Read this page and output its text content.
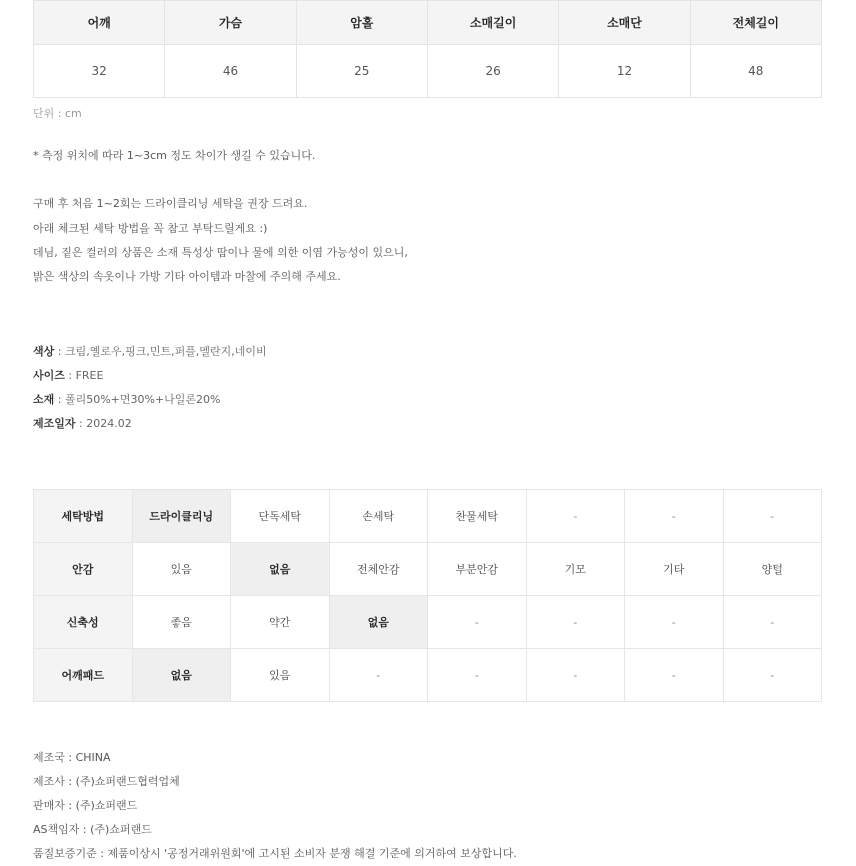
어깨	가슴	암홀	소매길이	소매단	전체길이
32	46	25	26	12	48
단위 : cm
* 측정 위치에 따라 1~3cm 정도 차이가 생길 수 있습니다.
구매 후 처음 1~2회는 드라이클리닝 세탁을 권장 드려요.
아래 체크된 세탁 방법을 꼭 참고 부탁드릴게요 :)
데님, 짙은 컬러의 상품은 소재 특성상 땀이나 물에 의한 이염 가능성이 있으니,
밝은 색상의 속옷이나 가방 기타 아이템과 마찰에 주의해 주세요.
색상 : 크림,옐로우,핑크,민트,퍼플,멜란지,네이비
사이즈 : FREE
소재 : 폴리50%+면30%+나일론20%
제조일자 : 2024.02
세탁방법	드라이클리닝	단독세탁	손세탁	찬물세탁	-	-	-
안감	있음	없음	전체안감	부분안감	기모	기타	양털
신축성	좋음	약간	없음	-	-	-	-
어깨패드	없음	있음	-	-	-	-	-
제조국 : CHINA
제조사 : (주)쇼퍼랜드협력업체
판매자 : (주)쇼퍼랜드
AS책임자 : (주)쇼퍼랜드
품질보증기준 : 제품이상시 '공정거래위원회'에 고시된 소비자 분쟁 해결 기준에 의거하여 보상합니다.
